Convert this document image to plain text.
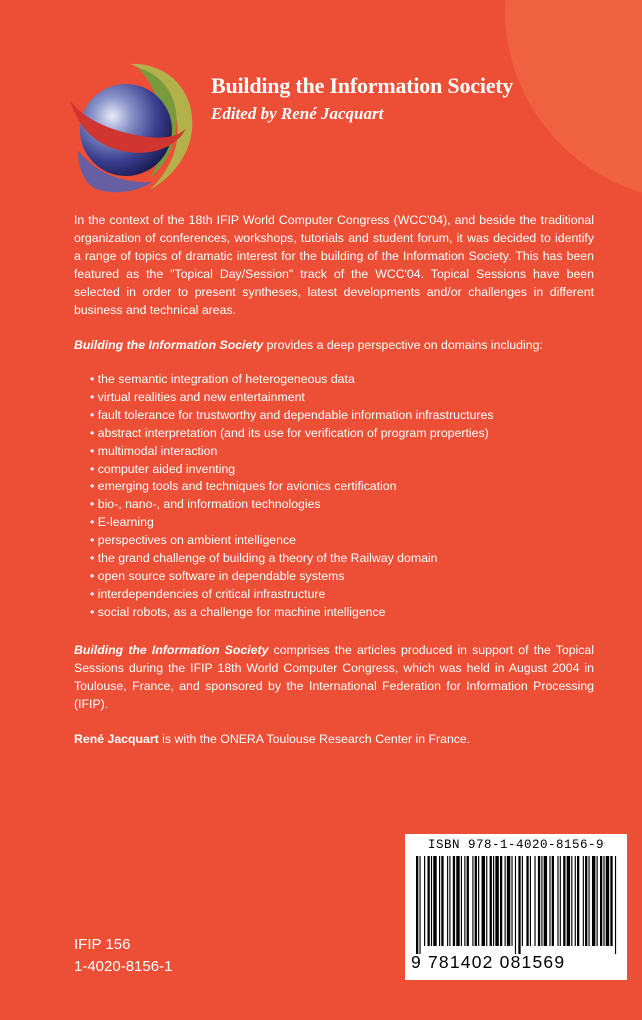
Building the Information Society
Edited by René Jacquart

In the context of the 18th IFIP World Computer Congress (WCC'04), and beside the traditional organization of conferences, workshops, tutorials and student forum, it was decided to identify a range of topics of dramatic interest for the building of the Information Society. This has been featured as the "Topical Day/Session" track of the WCC'04. Topical Sessions have been selected in order to present syntheses, latest developments and/or challenges in different business and technical areas.

Building the Information Society provides a deep perspective on domains including:

• the semantic integration of heterogeneous data
• virtual realities and new entertainment
• fault tolerance for trustworthy and dependable information infrastructures
• abstract interpretation (and its use for verification of program properties)
• multimodal interaction
• computer aided inventing
• emerging tools and techniques for avionics certification
• bio-, nano-, and information technologies
• E-learning
• perspectives on ambient intelligence
• the grand challenge of building a theory of the Railway domain
• open source software in dependable systems
• interdependencies of critical infrastructure
• social robots, as a challenge for machine intelligence

Building the Information Society comprises the articles produced in support of the Topical Sessions during the IFIP 18th World Computer Congress, which was held in August 2004 in Toulouse, France, and sponsored by the International Federation for Information Processing (IFIP).

René Jacquart is with the ONERA Toulouse Research Center in France.

IFIP 156
1-4020-8156-1
ISBN 978-1-4020-8156-9
9 781402 081569
